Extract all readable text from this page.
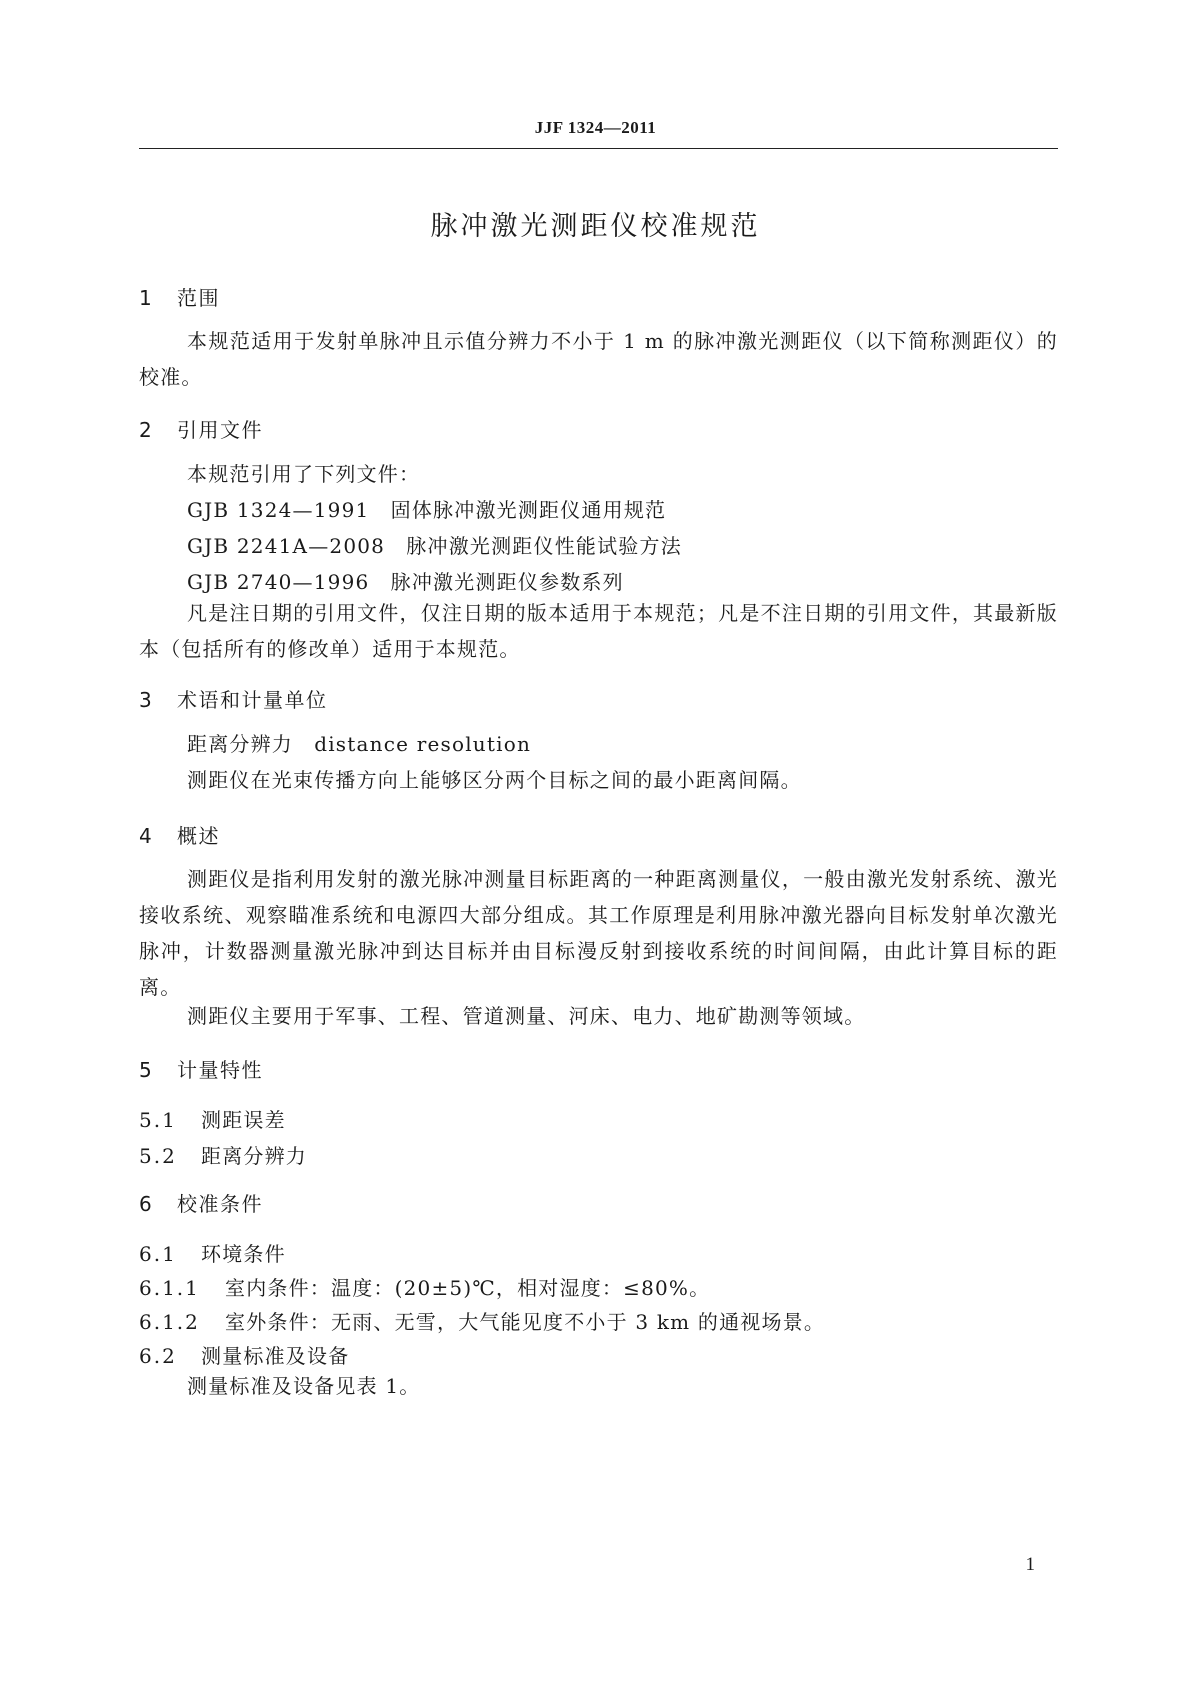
JJF 1324—2011
脉冲激光测距仪校准规范
1 范围
本规范适用于发射单脉冲且示值分辨力不小于 1 m 的脉冲激光测距仪（以下简称测距仪）的校准。
2 引用文件
本规范引用了下列文件：
GJB 1324—1991　固体脉冲激光测距仪通用规范
GJB 2241A—2008　脉冲激光测距仪性能试验方法
GJB 2740—1996　脉冲激光测距仪参数系列
凡是注日期的引用文件，仅注日期的版本适用于本规范；凡是不注日期的引用文件，其最新版本（包括所有的修改单）适用于本规范。
3 术语和计量单位
距离分辨力　distance resolution
测距仪在光束传播方向上能够区分两个目标之间的最小距离间隔。
4 概述
测距仪是指利用发射的激光脉冲测量目标距离的一种距离测量仪，一般由激光发射系统、激光接收系统、观察瞄准系统和电源四大部分组成。其工作原理是利用脉冲激光器向目标发射单次激光脉冲，计数器测量激光脉冲到达目标并由目标漫反射到接收系统的时间间隔，由此计算目标的距离。
测距仪主要用于军事、工程、管道测量、河床、电力、地矿勘测等领域。
5 计量特性
5.1 测距误差
5.2 距离分辨力
6 校准条件
6.1 环境条件
6.1.1 室内条件：温度：(20±5)℃，相对湿度：≤80%。
6.1.2 室外条件：无雨、无雪，大气能见度不小于 3 km 的通视场景。
6.2 测量标准及设备
测量标准及设备见表 1。
1
